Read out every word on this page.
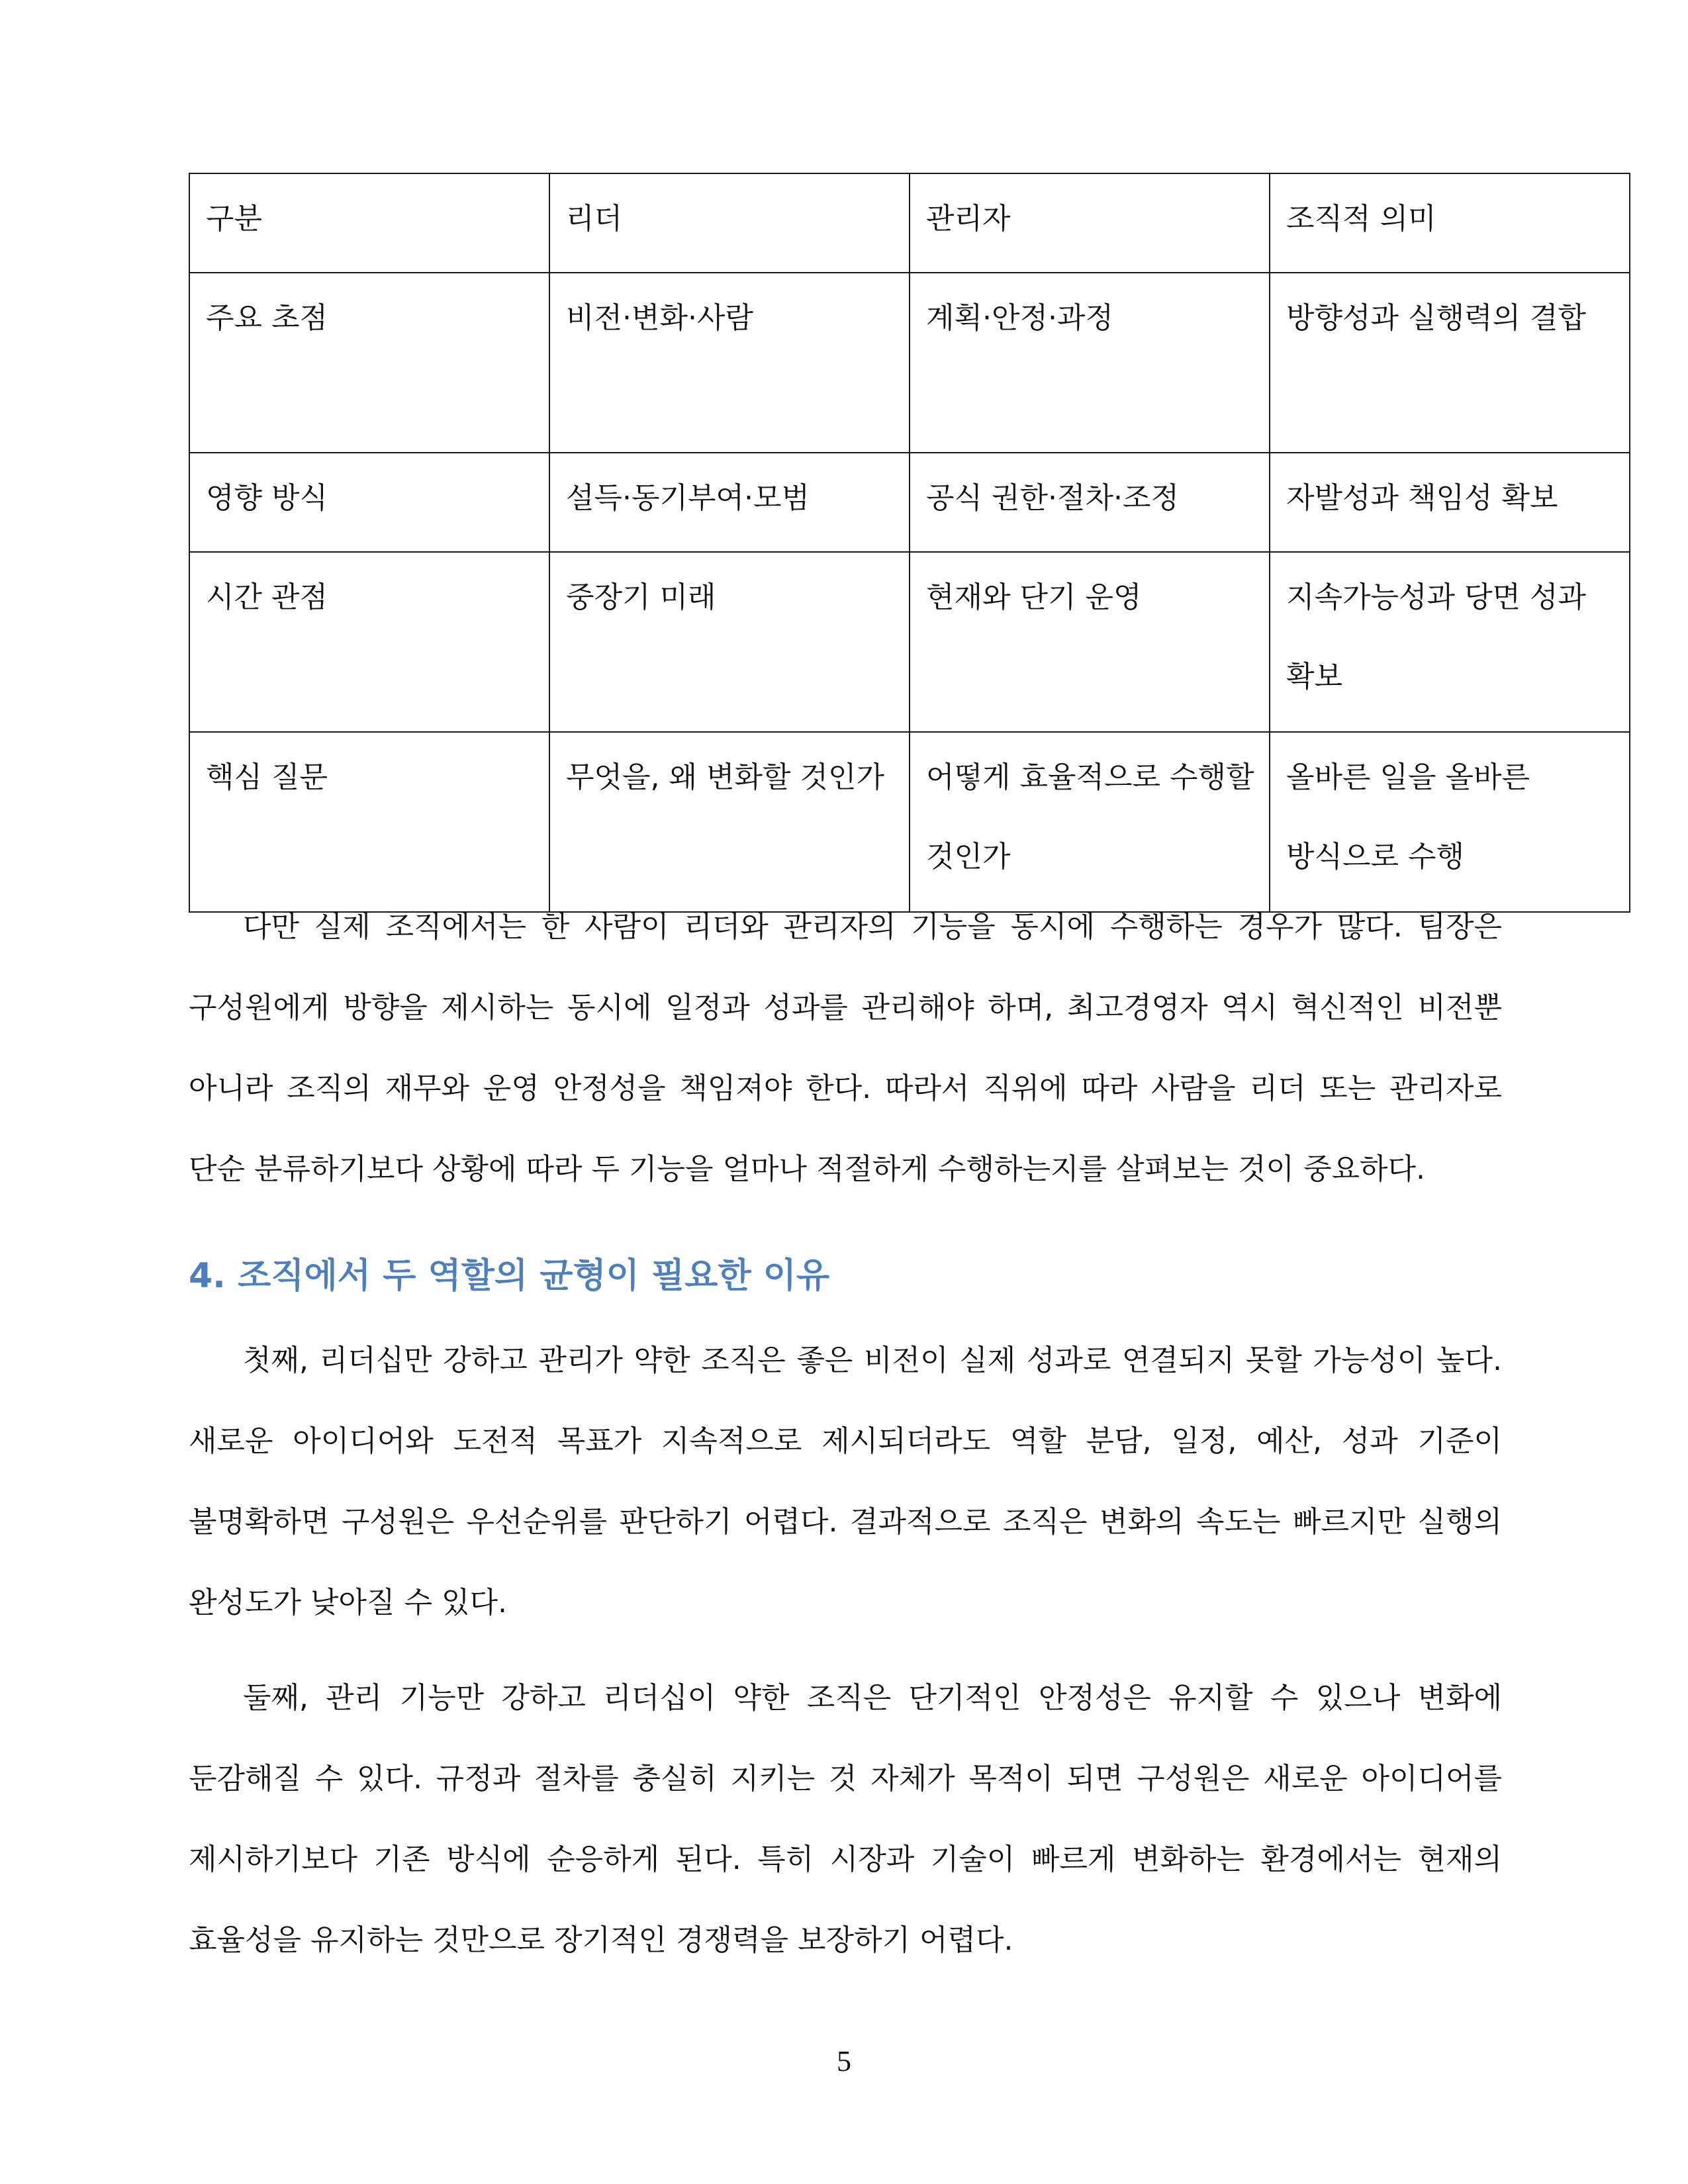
구분	리더	관리자	조직적 의미
주요 초점	비전·변화·사람	계획·안정·과정	방향성과 실행력의 결합
영향 방식	설득·동기부여·모범	공식 권한·절차·조정	자발성과 책임성 확보
시간 관점	중장기 미래	현재와 단기 운영	지속가능성과 당면 성과 확보
핵심 질문	무엇을, 왜 변화할 것인가	어떻게 효율적으로 수행할 것인가	올바른 일을 올바른 방식으로 수행

다만 실제 조직에서는 한 사람이 리더와 관리자의 기능을 동시에 수행하는 경우가 많다. 팀장은 구성원에게 방향을 제시하는 동시에 일정과 성과를 관리해야 하며, 최고경영자 역시 혁신적인 비전뿐 아니라 조직의 재무와 운영 안정성을 책임져야 한다. 따라서 직위에 따라 사람을 리더 또는 관리자로 단순 분류하기보다 상황에 따라 두 기능을 얼마나 적절하게 수행하는지를 살펴보는 것이 중요하다.

4. 조직에서 두 역할의 균형이 필요한 이유

첫째, 리더십만 강하고 관리가 약한 조직은 좋은 비전이 실제 성과로 연결되지 못할 가능성이 높다. 새로운 아이디어와 도전적 목표가 지속적으로 제시되더라도 역할 분담, 일정, 예산, 성과 기준이 불명확하면 구성원은 우선순위를 판단하기 어렵다. 결과적으로 조직은 변화의 속도는 빠르지만 실행의 완성도가 낮아질 수 있다.

둘째, 관리 기능만 강하고 리더십이 약한 조직은 단기적인 안정성은 유지할 수 있으나 변화에 둔감해질 수 있다. 규정과 절차를 충실히 지키는 것 자체가 목적이 되면 구성원은 새로운 아이디어를 제시하기보다 기존 방식에 순응하게 된다. 특히 시장과 기술이 빠르게 변화하는 환경에서는 현재의 효율성을 유지하는 것만으로 장기적인 경쟁력을 보장하기 어렵다.

5
